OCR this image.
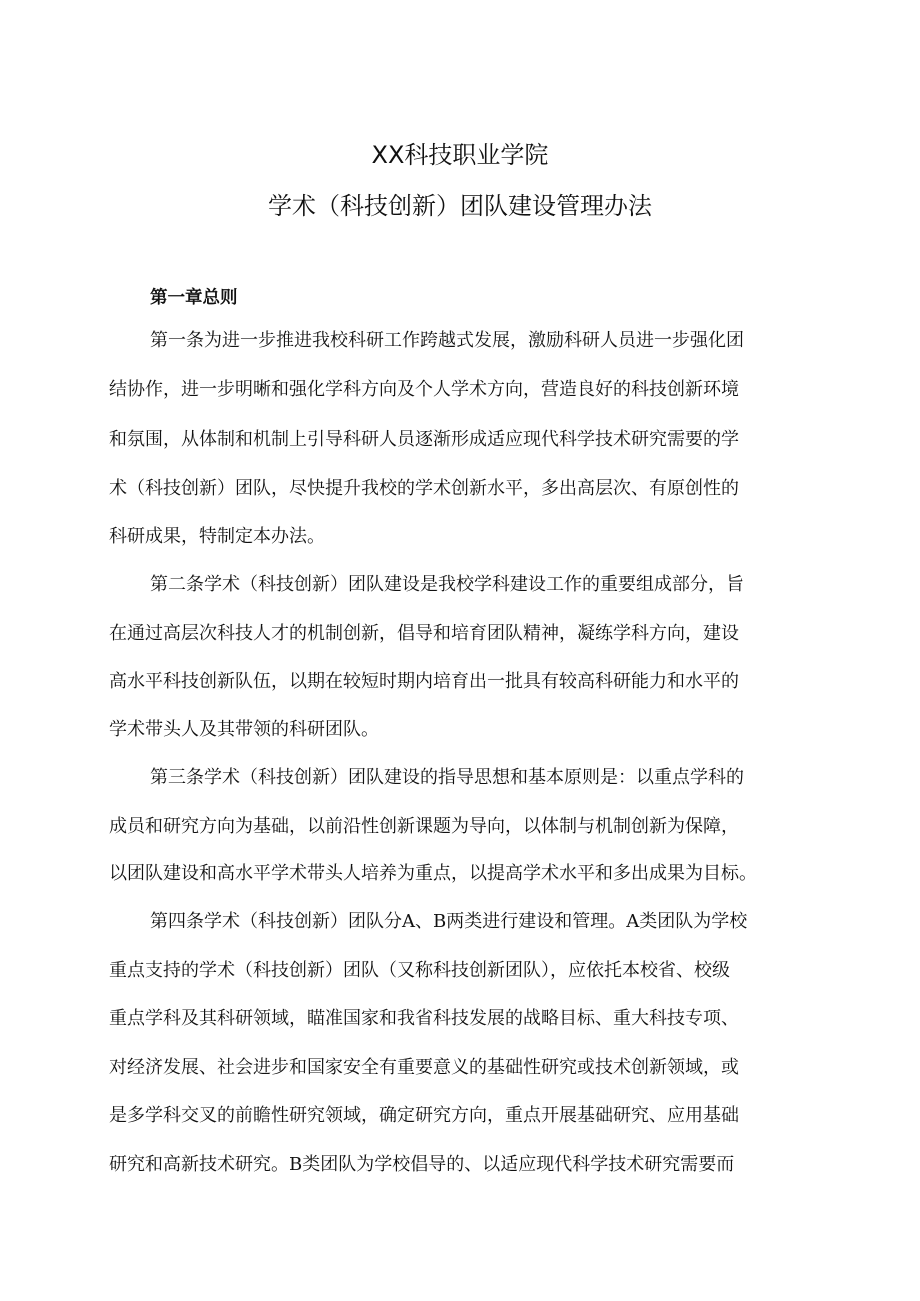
XX科技职业学院
学术（科技创新）团队建设管理办法
第一章总则
第一条为进一步推进我校科研工作跨越式发展，激励科研人员进一步强化团
结协作，进一步明晰和强化学科方向及个人学术方向，营造良好的科技创新环境
和氛围，从体制和机制上引导科研人员逐渐形成适应现代科学技术研究需要的学
术（科技创新）团队，尽快提升我校的学术创新水平，多出高层次、有原创性的
科研成果，特制定本办法。
第二条学术（科技创新）团队建设是我校学科建设工作的重要组成部分，旨
在通过高层次科技人才的机制创新，倡导和培育团队精神，凝练学科方向，建设
高水平科技创新队伍，以期在较短时期内培育出一批具有较高科研能力和水平的
学术带头人及其带领的科研团队。
第三条学术（科技创新）团队建设的指导思想和基本原则是：以重点学科的
成员和研究方向为基础，以前沿性创新课题为导向，以体制与机制创新为保障，
以团队建设和高水平学术带头人培养为重点，以提高学术水平和多出成果为目标。
第四条学术（科技创新）团队分A、B两类进行建设和管理。A类团队为学校
重点支持的学术（科技创新）团队（又称科技创新团队），应依托本校省、校级
重点学科及其科研领域，瞄准国家和我省科技发展的战略目标、重大科技专项、
对经济发展、社会进步和国家安全有重要意义的基础性研究或技术创新领域，或
是多学科交叉的前瞻性研究领域，确定研究方向，重点开展基础研究、应用基础
研究和高新技术研究。B类团队为学校倡导的、以适应现代科学技术研究需要而
